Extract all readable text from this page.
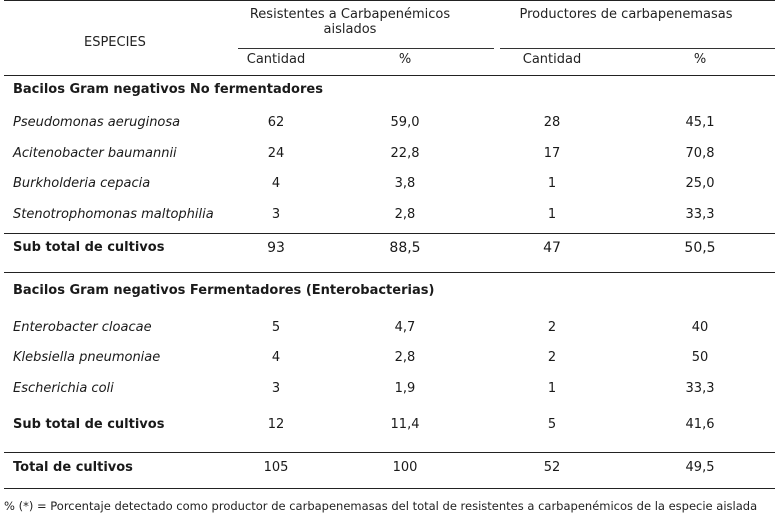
ESPECIES
Resistentes a Carbapenémicos
aislados
Productores de carbapenemasas
Cantidad	%	Cantidad	%
Bacilos Gram negativos No fermentadores
Pseudomonas aeruginosa	62	59,0	28	45,1
Acitenobacter baumannii	24	22,8	17	70,8
Burkholderia cepacia	4	3,8	1	25,0
Stenotrophomonas maltophilia	3	2,8	1	33,3
Sub total de cultivos	93	88,5	47	50,5
Bacilos Gram negativos Fermentadores (Enterobacterias)
Enterobacter cloacae	5	4,7	2	40
Klebsiella pneumoniae	4	2,8	2	50
Escherichia coli	3	1,9	1	33,3
Sub total de cultivos	12	11,4	5	41,6
Total de cultivos	105	100	52	49,5
% (*) = Porcentaje detectado como productor de carbapenemasas del total de resistentes a carbapenémicos de la especie aislada
